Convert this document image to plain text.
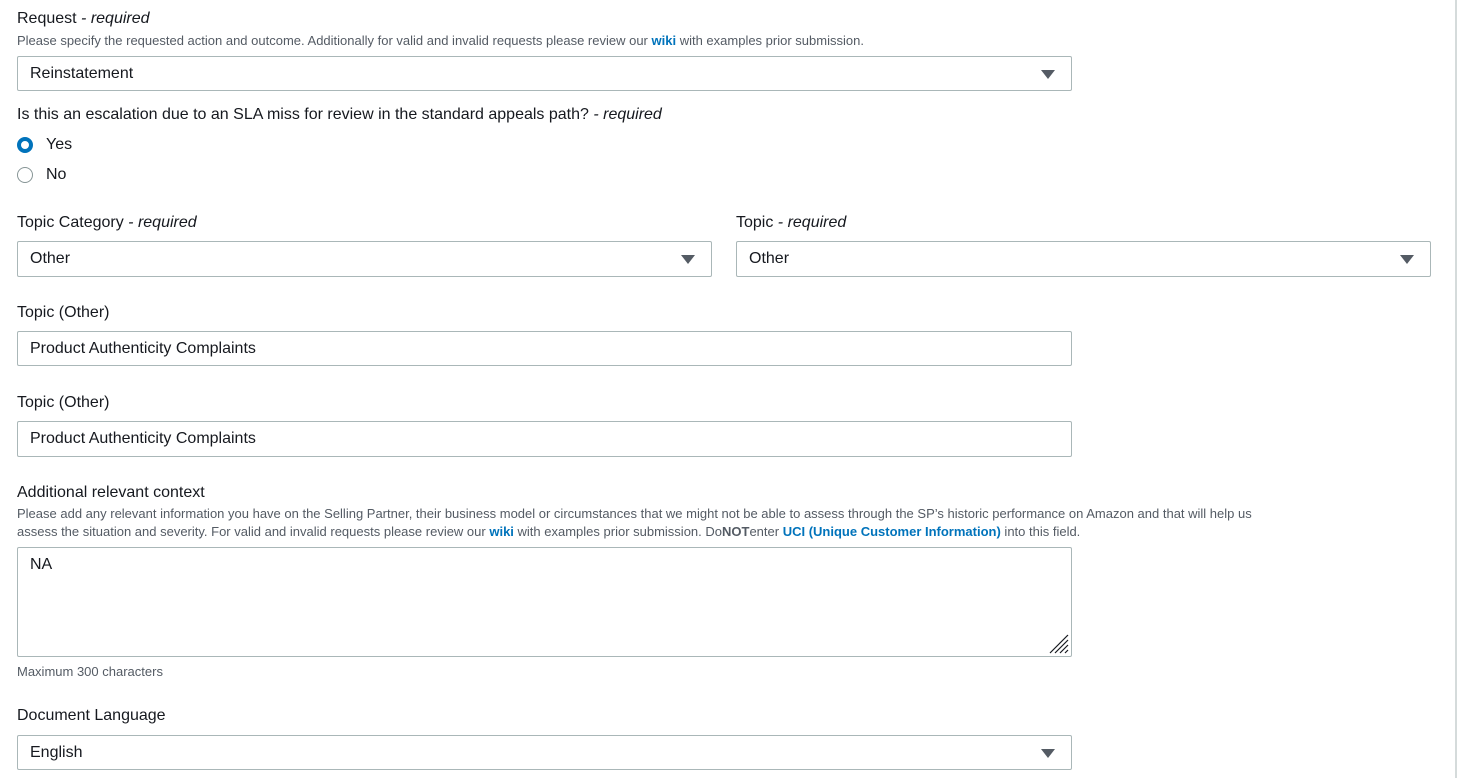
Request - required
Please specify the requested action and outcome. Additionally for valid and invalid requests please review our wiki with examples prior submission.
Reinstatement
Is this an escalation due to an SLA miss for review in the standard appeals path? - required
Yes
No
Topic Category - required
Other
Topic - required
Other
Topic (Other)
Product Authenticity Complaints
Topic (Other)
Product Authenticity Complaints
Additional relevant context
Please add any relevant information you have on the Selling Partner, their business model or circumstances that we might not be able to assess through the SP’s historic performance on Amazon and that will help us
assess the situation and severity. For valid and invalid requests please review our wiki with examples prior submission. DoNOTenter UCI (Unique Customer Information) into this field.
NA
Maximum 300 characters
Document Language
English
